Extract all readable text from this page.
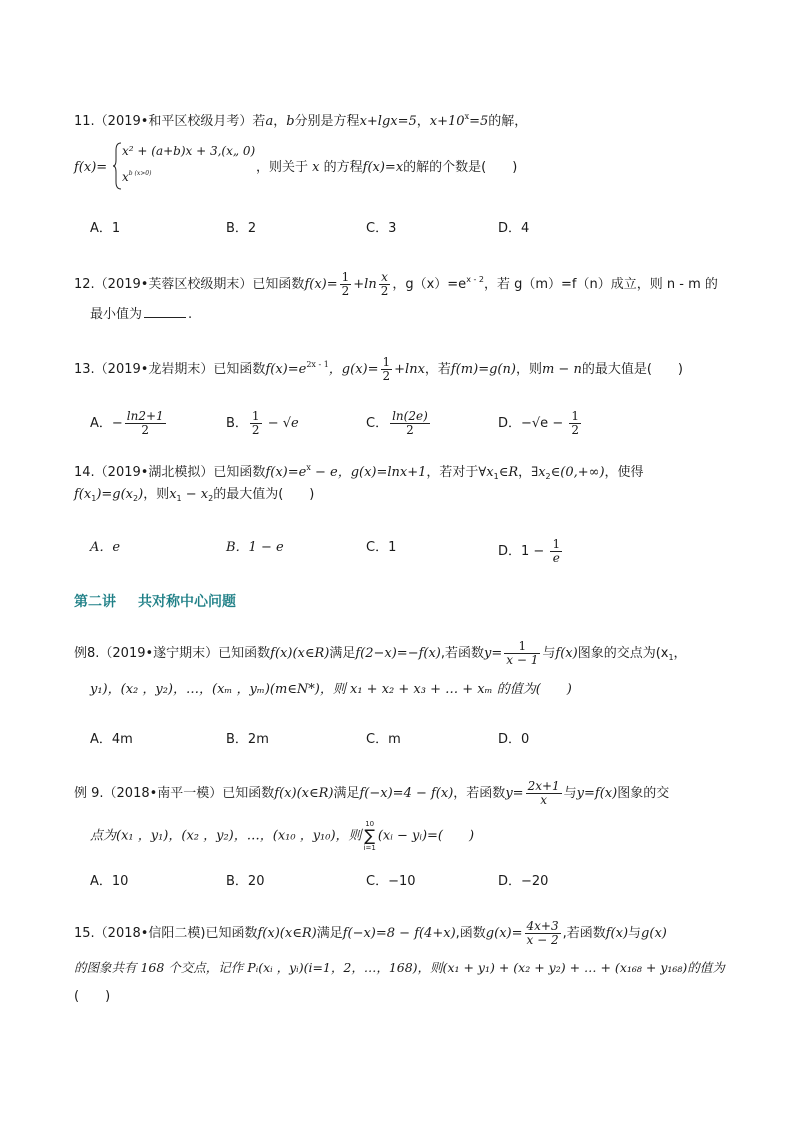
11.（2019•和平区校级月考）若a，b分别是方程x+lgx=5，$x+10^x=5$的解，
f(x)=
x² + (a+b)x + 3,(x„ 0)
$x^{b (x>0)}$	，则关于 x 的方程f(x)=x的解的个数是(　　)
A．1	B．2	C．3	D．4
12.（2019•芙蓉区校级期末）已知函数$f(x)= \frac{1}{2} +\ln \frac{x}{2}$ ，$g(x)=e^{x - 2}$，若 g（m）=f（n）成立，则 n - m 的
最小值为	.
13.（2019•龙岩期末）已知函数$f(x)=e^{2x - 1}$，$g(x)= \frac{1}{2} +\ln x$，若f(m)=g(n)，则m − n的最大值是(　　)
A．− $\frac{\ln 2+1}{2}$	B． $\frac{1}{2} - √e$	C． $\frac{\ln(2e)}{2}$	D．$-√e - \frac{1}{2}$
14.（2019•湖北模拟）已知函数$f(x)=e^x - e$，g(x)=lnx+1，若对于$\forall x_1\in R$，$\exists x_2\in(0,+\infty)$，使得
$f(x_1)=g(x_2)$，则$x_1 - x_2$的最大值为(　　)
A．e	B．1 − e	C．1	D．$1 - \frac{1}{e}$
第二讲 共对称中心问题
例8.（2019•遂宁期末）已知函数f(x)(x∈R)满足f(2−x)=−f(x),若函数$y= \frac{1}{x - 1}$ 与f(x)图象的交点为($x_1$，
y₁)，(x₂ ，y₂)，…，(xₘ ，yₘ)(m∈N*)，则 x₁ + x₂ + x₃ + … + xₘ 的值为(　　)
A．4m	B．2m	C．m	D．0
例 9.（2018•南平一模）已知函数f(x)(x∈R)满足f(−x)=4 − f(x)，若函数$y= \frac{2x+1}{x}$ 与y=f(x)图象的交
点为(x₁ ，y₁)，(x₂ ，y₂)，…，(x₁₀ ，y₁₀)，则
10
∑
i=1
(xᵢ − yᵢ)=(　　)
A．10	B．20	C．−10	D．−20
15.（2018•信阳二模)已知函数f(x)(x∈R)满足f(−x)=8 − f(4+x),函数$g(x)= \frac{4x+3}{x - 2}$ ,若函数f(x)与g(x)
的图象共有 168 个交点，记作 Pᵢ(xᵢ ，yᵢ)(i=1，2，…，168)，则(x₁ + y₁) + (x₂ + y₂) + … + (x₁₆₈ + y₁₆₈)的值为
(　　)
